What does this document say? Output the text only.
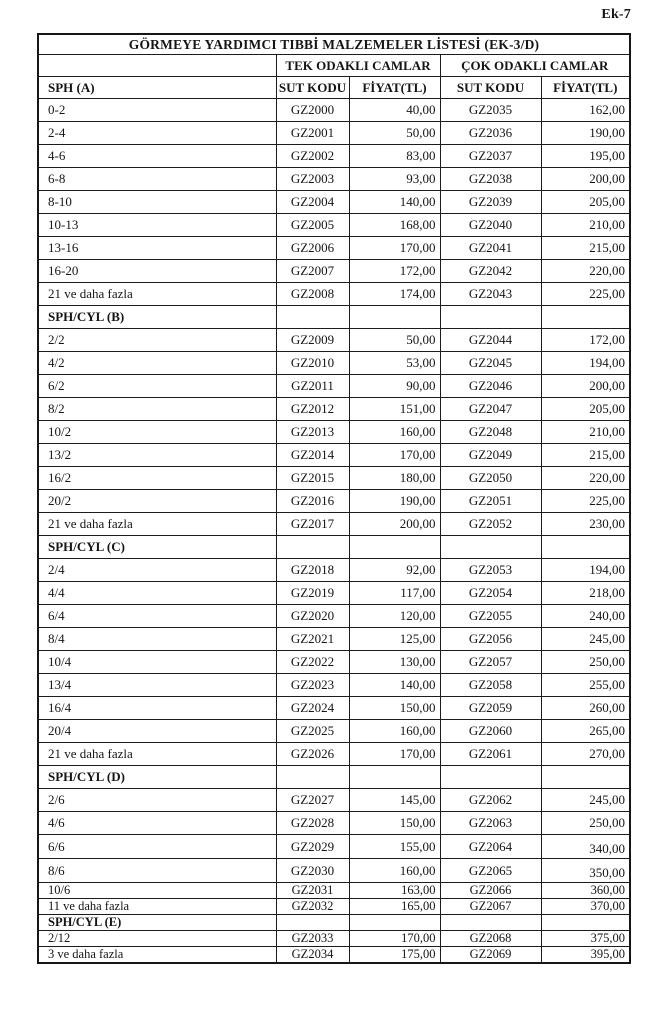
Ek-7
GÖRMEYE YARDIMCI TIBBİ MALZEMELER LİSTESİ (EK-3/D)				
	TEK ODAKLI CAMLAR		ÇOK ODAKLI CAMLAR	
SPH (A)	SUT KODU	FİYAT(TL)	SUT KODU	FİYAT(TL)
0-2	GZ2000	40,00	GZ2035	162,00
2-4	GZ2001	50,00	GZ2036	190,00
4-6	GZ2002	83,00	GZ2037	195,00
6-8	GZ2003	93,00	GZ2038	200,00
8-10	GZ2004	140,00	GZ2039	205,00
10-13	GZ2005	168,00	GZ2040	210,00
13-16	GZ2006	170,00	GZ2041	215,00
16-20	GZ2007	172,00	GZ2042	220,00
21 ve daha fazla	GZ2008	174,00	GZ2043	225,00
SPH/CYL (B)				
2/2	GZ2009	50,00	GZ2044	172,00
4/2	GZ2010	53,00	GZ2045	194,00
6/2	GZ2011	90,00	GZ2046	200,00
8/2	GZ2012	151,00	GZ2047	205,00
10/2	GZ2013	160,00	GZ2048	210,00
13/2	GZ2014	170,00	GZ2049	215,00
16/2	GZ2015	180,00	GZ2050	220,00
20/2	GZ2016	190,00	GZ2051	225,00
21 ve daha fazla	GZ2017	200,00	GZ2052	230,00
SPH/CYL (C)				
2/4	GZ2018	92,00	GZ2053	194,00
4/4	GZ2019	117,00	GZ2054	218,00
6/4	GZ2020	120,00	GZ2055	240,00
8/4	GZ2021	125,00	GZ2056	245,00
10/4	GZ2022	130,00	GZ2057	250,00
13/4	GZ2023	140,00	GZ2058	255,00
16/4	GZ2024	150,00	GZ2059	260,00
20/4	GZ2025	160,00	GZ2060	265,00
21 ve daha fazla	GZ2026	170,00	GZ2061	270,00
SPH/CYL (D)				
2/6	GZ2027	145,00	GZ2062	245,00
4/6	GZ2028	150,00	GZ2063	250,00
6/6	GZ2029	155,00	GZ2064	340,00
8/6	GZ2030	160,00	GZ2065	350,00
10/6	GZ2031	163,00	GZ2066	360,00
11 ve daha fazla	GZ2032	165,00	GZ2067	370,00
SPH/CYL (E)				
2/12	GZ2033	170,00	GZ2068	375,00
3 ve daha fazla	GZ2034	175,00	GZ2069	395,00
